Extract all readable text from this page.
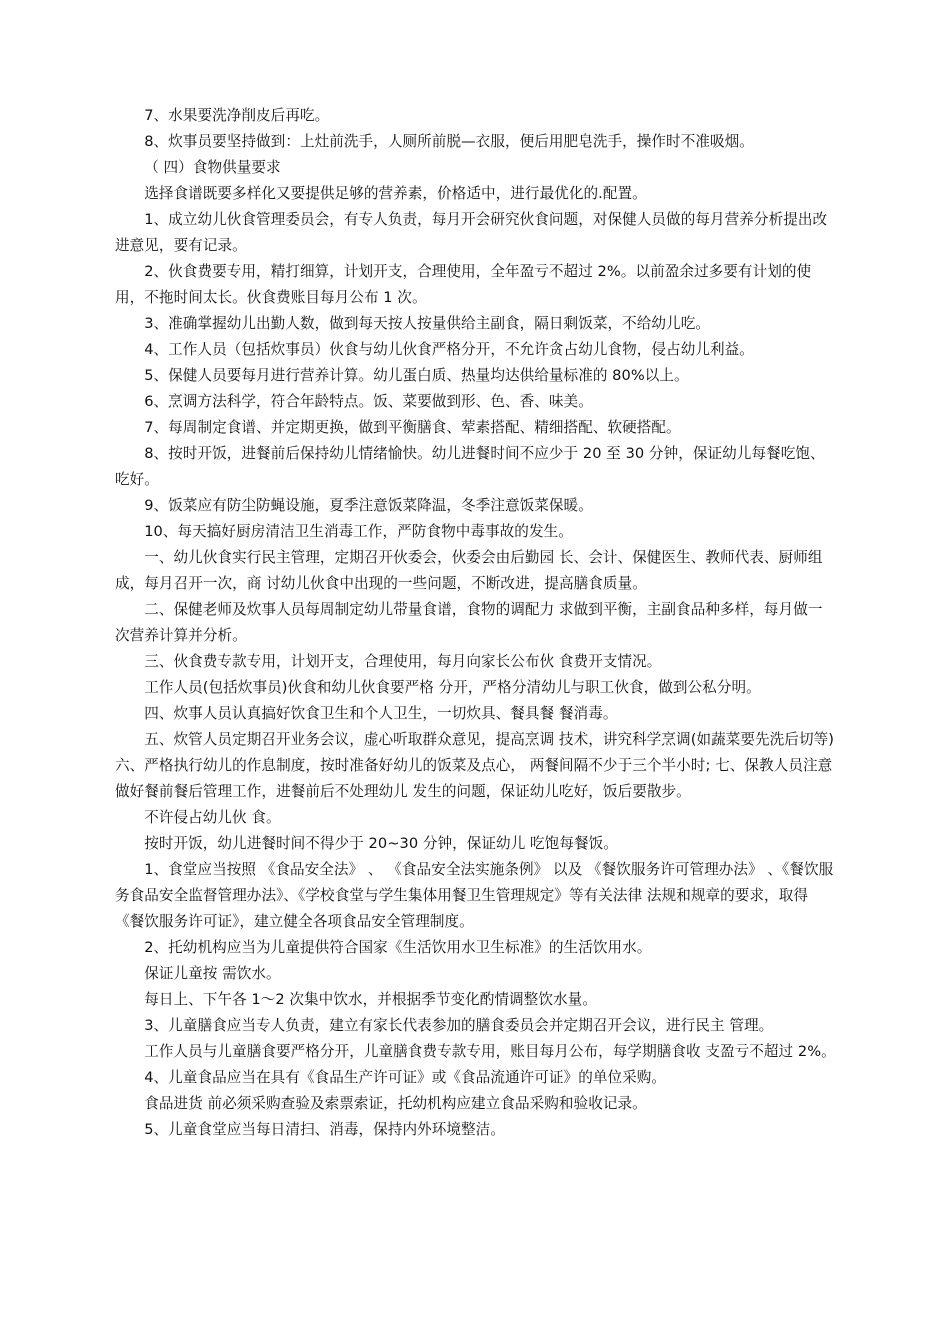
7、水果要洗净削皮后再吃。

8、炊事员要坚持做到：上灶前洗手，人厕所前脱—衣服，便后用肥皂洗手，操作时不准吸烟。

（ 四）食物供量要求

选择食谱既要多样化又要提供足够的营养素，价格适中，进行最优化的.配置。

1、成立幼儿伙食管理委员会，有专人负责，每月开会研究伙食问题，对保健人员做的每月营养分析提出改进意见，要有记录。

2、伙食费要专用，精打细算，计划开支，合理使用，全年盈亏不超过 2%。以前盈余过多要有计划的使用，不拖时间太长。伙食费账目每月公布 1 次。

3、准确掌握幼儿出勤人数，做到每天按人按量供给主副食，隔日剩饭菜，不给幼儿吃。

4、工作人员（包括炊事员）伙食与幼儿伙食严格分开，不允许贪占幼儿食物，侵占幼儿利益。

5、保健人员要每月进行营养计算。幼儿蛋白质、热量均达供给量标准的 80%以上。

6、烹调方法科学，符合年龄特点。饭、菜要做到形、色、香、味美。

7、每周制定食谱、并定期更换，做到平衡膳食、荤素搭配、精细搭配、软硬搭配。

8、按时开饭，进餐前后保持幼儿情绪愉快。幼儿进餐时间不应少于 20 至 30 分钟，保证幼儿每餐吃饱、吃好。

9、饭菜应有防尘防蝇设施，夏季注意饭菜降温，冬季注意饭菜保暖。

10、每天搞好厨房清洁卫生消毒工作，严防食物中毒事故的发生。

一、幼儿伙食实行民主管理，定期召开伙委会，伙委会由后勤园 长、会计、保健医生、教师代表、厨师组成，每月召开一次，商 讨幼儿伙食中出现的一些问题，不断改进，提高膳食质量。

二、保健老师及炊事人员每周制定幼儿带量食谱，食物的调配力 求做到平衡，主副食品种多样，每月做一次营养计算并分析。

三、伙食费专款专用，计划开支，合理使用，每月向家长公布伙 食费开支情况。

工作人员(包括炊事员)伙食和幼儿伙食要严格 分开，严格分清幼儿与职工伙食，做到公私分明。

四、炊事人员认真搞好饮食卫生和个人卫生，一切炊具、餐具餐 餐消毒。

五、炊管人员定期召开业务会议，虚心听取群众意见，提高烹调 技术，讲究科学烹调(如蔬菜要先洗后切等) 六、严格执行幼儿的作息制度，按时准备好幼儿的饭菜及点心， 两餐间隔不少于三个半小时; 七、保教人员注意做好餐前餐后管理工作，进餐前后不处理幼儿 发生的问题，保证幼儿吃好，饭后要散步。

不许侵占幼儿伙 食。

按时开饭，幼儿进餐时间不得少于 20~30 分钟，保证幼儿 吃饱每餐饭。

1、食堂应当按照 《食品安全法》 、 《食品安全法实施条例》 以及 《餐饮服务许可管理办法》 、《餐饮服务食品安全监督管理办法》、《学校食堂与学生集体用餐卫生管理规定》等有关法律 法规和规章的要求，取得《餐饮服务许可证》，建立健全各项食品安全管理制度。

2、托幼机构应当为儿童提供符合国家《生活饮用水卫生标准》的生活饮用水。

保证儿童按 需饮水。

每日上、下午各 1～2 次集中饮水，并根据季节变化酌情调整饮水量。

3、儿童膳食应当专人负责，建立有家长代表参加的膳食委员会并定期召开会议，进行民主 管理。

工作人员与儿童膳食要严格分开，儿童膳食费专款专用，账目每月公布，每学期膳食收 支盈亏不超过 2%。

4、儿童食品应当在具有《食品生产许可证》或《食品流通许可证》的单位采购。

食品进货 前必须采购查验及索票索证，托幼机构应建立食品采购和验收记录。

5、儿童食堂应当每日清扫、消毒，保持内外环境整洁。
